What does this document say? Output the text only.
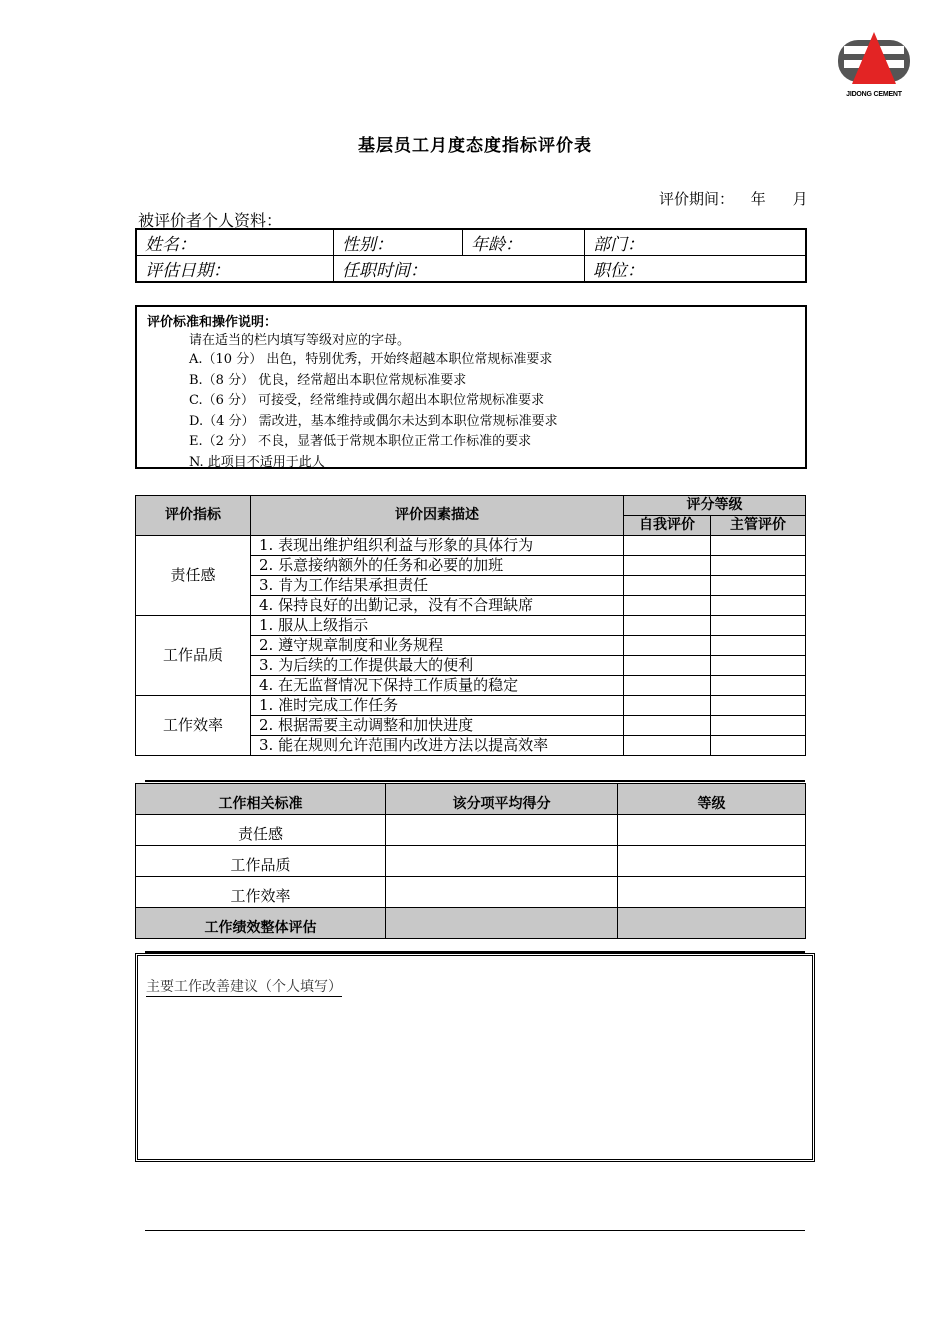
JIDONG CEMENT
基层员工月度态度指标评价表
评价期间： 年 月
被评价者个人资料：
姓名：	性别：	年龄：	部门：
评估日期：	任职时间：		职位：
评价标准和操作说明：
请在适当的栏内填写等级对应的字母。
A.（10 分） 出色，特别优秀，开始终超越本职位常规标准要求
B.（8 分） 优良，经常超出本职位常规标准要求
C.（6 分） 可接受，经常维持或偶尔超出本职位常规标准要求
D.（4 分） 需改进，基本维持或偶尔未达到本职位常规标准要求
E.（2 分） 不良，显著低于常规本职位正常工作标准的要求
N. 此项目不适用于此人
评价指标	评价因素描述	评分等级	
		自我评价	主管评价
责任感	1. 表现出维护组织利益与形象的具体行为		
	2. 乐意接纳额外的任务和必要的加班		
	3. 肯为工作结果承担责任		
	4. 保持良好的出勤记录，没有不合理缺席		
工作品质	1. 服从上级指示		
	2. 遵守规章制度和业务规程		
	3. 为后续的工作提供最大的便利		
	4. 在无监督情况下保持工作质量的稳定		
工作效率	1. 准时完成工作任务		
	2. 根据需要主动调整和加快进度		
	3. 能在规则允许范围内改进方法以提高效率		
工作相关标准	该分项平均得分	等级
责任感		
工作品质		
工作效率		
工作绩效整体评估		
主要工作改善建议（个人填写）
